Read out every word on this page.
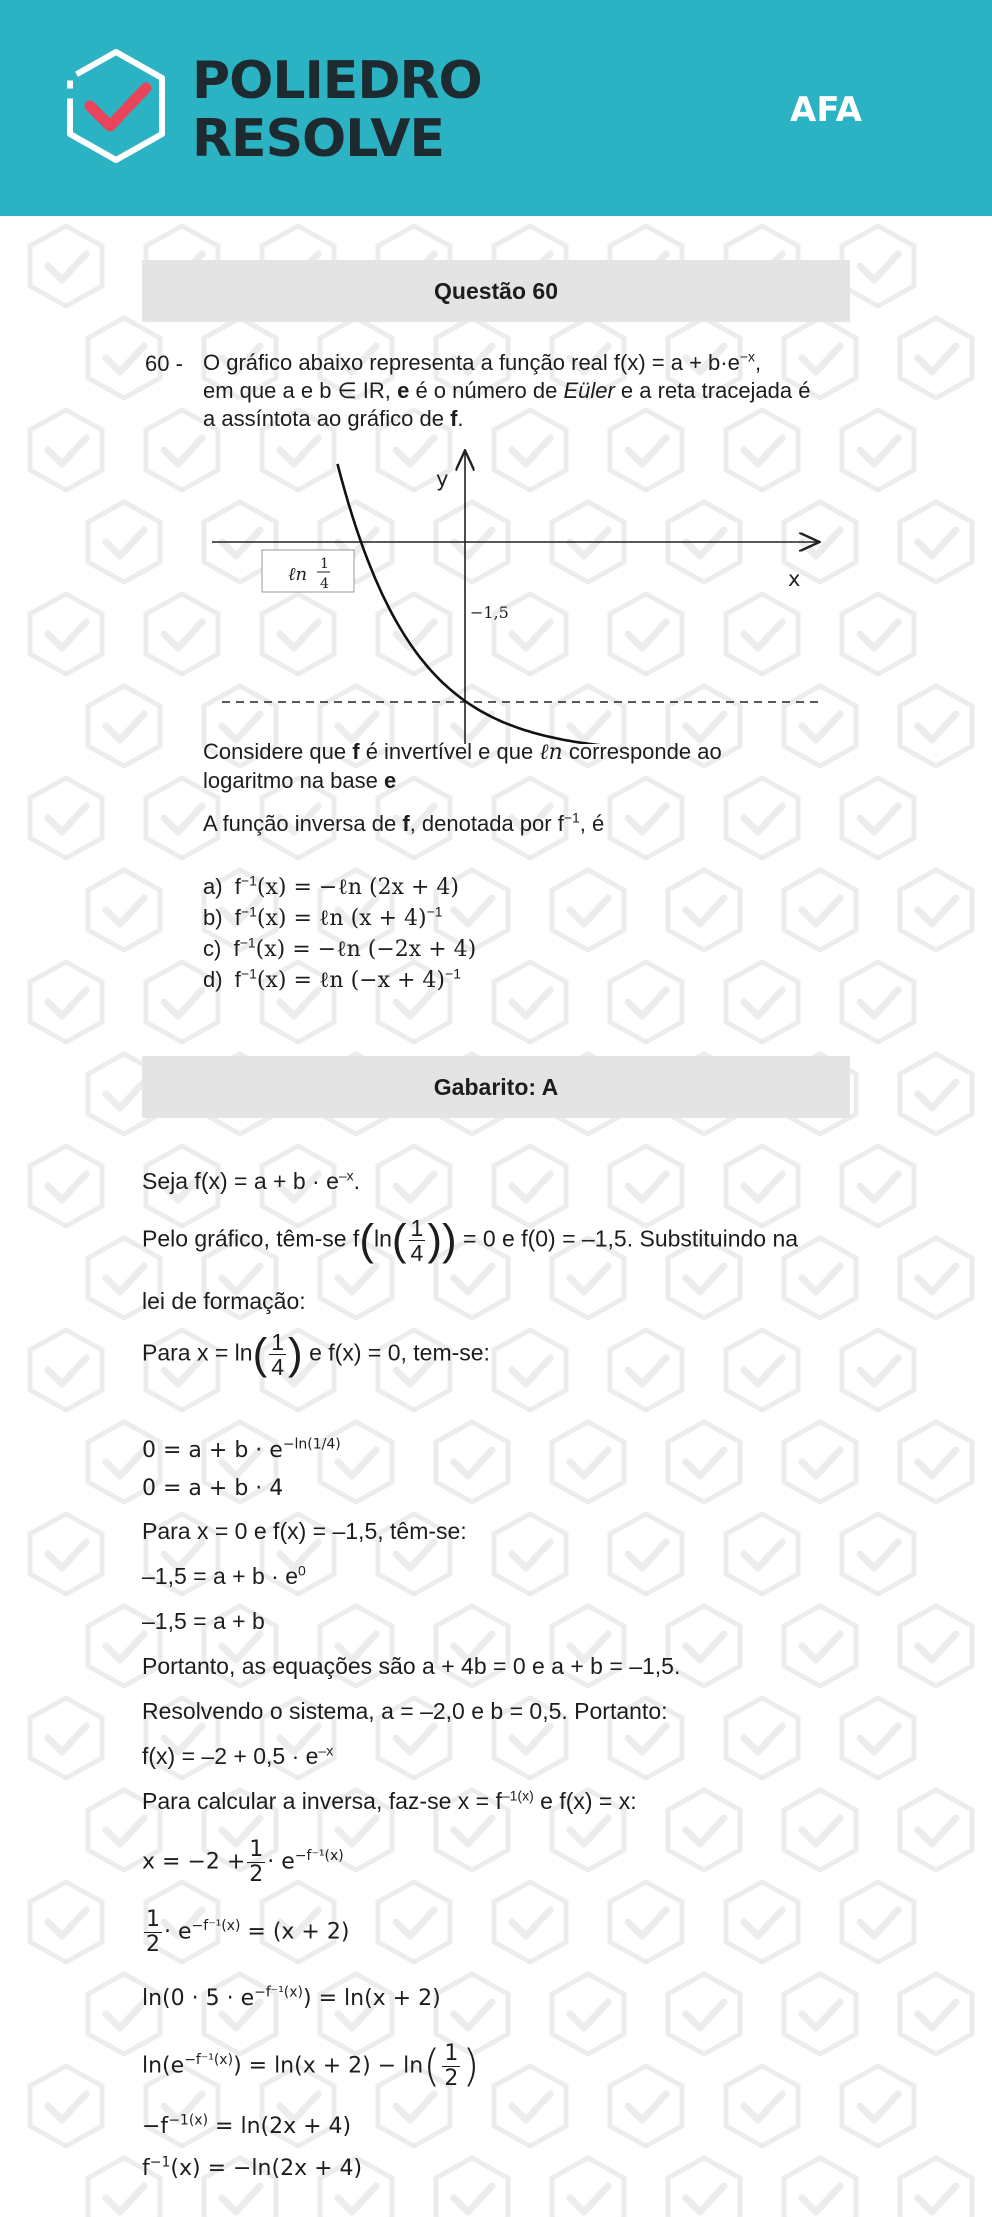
POLIEDRO
RESOLVE	AFA
Questão 60
60 - O gráfico abaixo representa a função real $f(x) = a + b\cdot e^{-x}$,
em que a e b ∈ IR, e é o número de Eüler e a reta tracejada é
a assíntota ao gráfico de f.
y
x
ℓn 1
4
−1,5
Considere que f é invertível e que ℓn corresponde ao
logaritmo na base e
A função inversa de f, denotada por $f^{-1}$, é
a) $f^{-1}(x)$ = −ℓn (2x + 4)
b) $f^{-1}(x)$ = ℓn $(x + 4)^{-1}$
c) $f^{-1}(x)$ = −ℓn (−2x + 4)
d) $f^{-1}(x)$ = ℓn $(-x + 4)^{-1}$
Gabarito: A
Seja $f(x) = a + b \cdot e^{-x}$.
Pelo gráfico, têm-se $f(\ln( \frac{1}{4}$ )) = 0 e f(0) = –1,5. Substituindo na
lei de formação:
Para $x = \ln( \frac{1}{4}$ ) e f(x) = 0, tem-se:
$0 = a + b \cdot e^{-ln(1/4)}$
0 = a + b · 4
Para x = 0 e f(x) = –1,5, têm-se:
$-1,5 = a + b \cdot e^0$
–1,5 = a + b
Portanto, as equações são a + 4b = 0 e a + b = –1,5.
Resolvendo o sistema, a = –2,0 e b = 0,5. Portanto:
$f(x) = -2 + 0,5 \cdot e^{-x}$
Para calcular a inversa, faz-se $x = f^{-1(x)}$ e f(x) = x:
$x = -2 + \frac{1}{2} \cdot e^{-f^{-1}(x)}$
$\frac{1}{2} \cdot e^{-f^{-1}(x)} = (x + 2)$
$\ln(0 \cdot 5 \cdot e^{-f^{-1}(x)}) = \ln(x + 2)$
$\ln(e^{-f^{-1}(x)}) = \ln(x + 2) - \ln( \frac{1}{2}$ )
$-f^{-1(x)} = \ln(2x + 4)$
$f^{-1}(x) = -\ln(2x + 4)$
